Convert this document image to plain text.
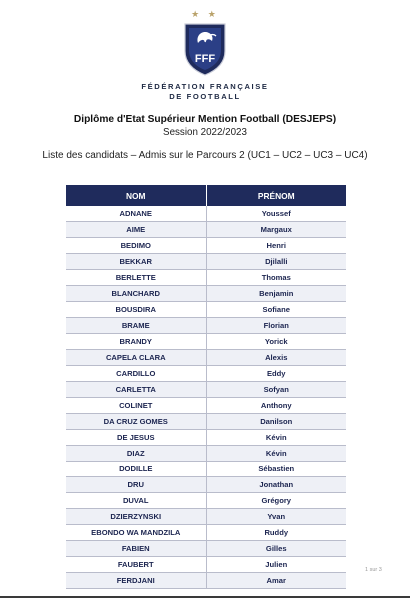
★ ★
FFF
FÉDÉRATION FRANÇAISE
DE FOOTBALL
Diplôme d'Etat Supérieur Mention Football (DESJEPS)
Session 2022/2023
Liste des candidats – Admis sur le Parcours 2 (UC1 – UC2 – UC3 – UC4)
NOM	PRÉNOM
ADNANE	Youssef
AIME	Margaux
BEDIMO	Henri
BEKKAR	Djilalli
BERLETTE	Thomas
BLANCHARD	Benjamin
BOUSDIRA	Sofiane
BRAME	Florian
BRANDY	Yorick
CAPELA CLARA	Alexis
CARDILLO	Eddy
CARLETTA	Sofyan
COLINET	Anthony
DA CRUZ GOMES	Danilson
DE JESUS	Kévin
DIAZ	Kévin
DODILLE	Sébastien
DRU	Jonathan
DUVAL	Grégory
DZIERZYNSKI	Yvan
EBONDO WA MANDZILA	Ruddy
FABIEN	Gilles
FAUBERT	Julien
FERDJANI	Amar
1 sur 3
